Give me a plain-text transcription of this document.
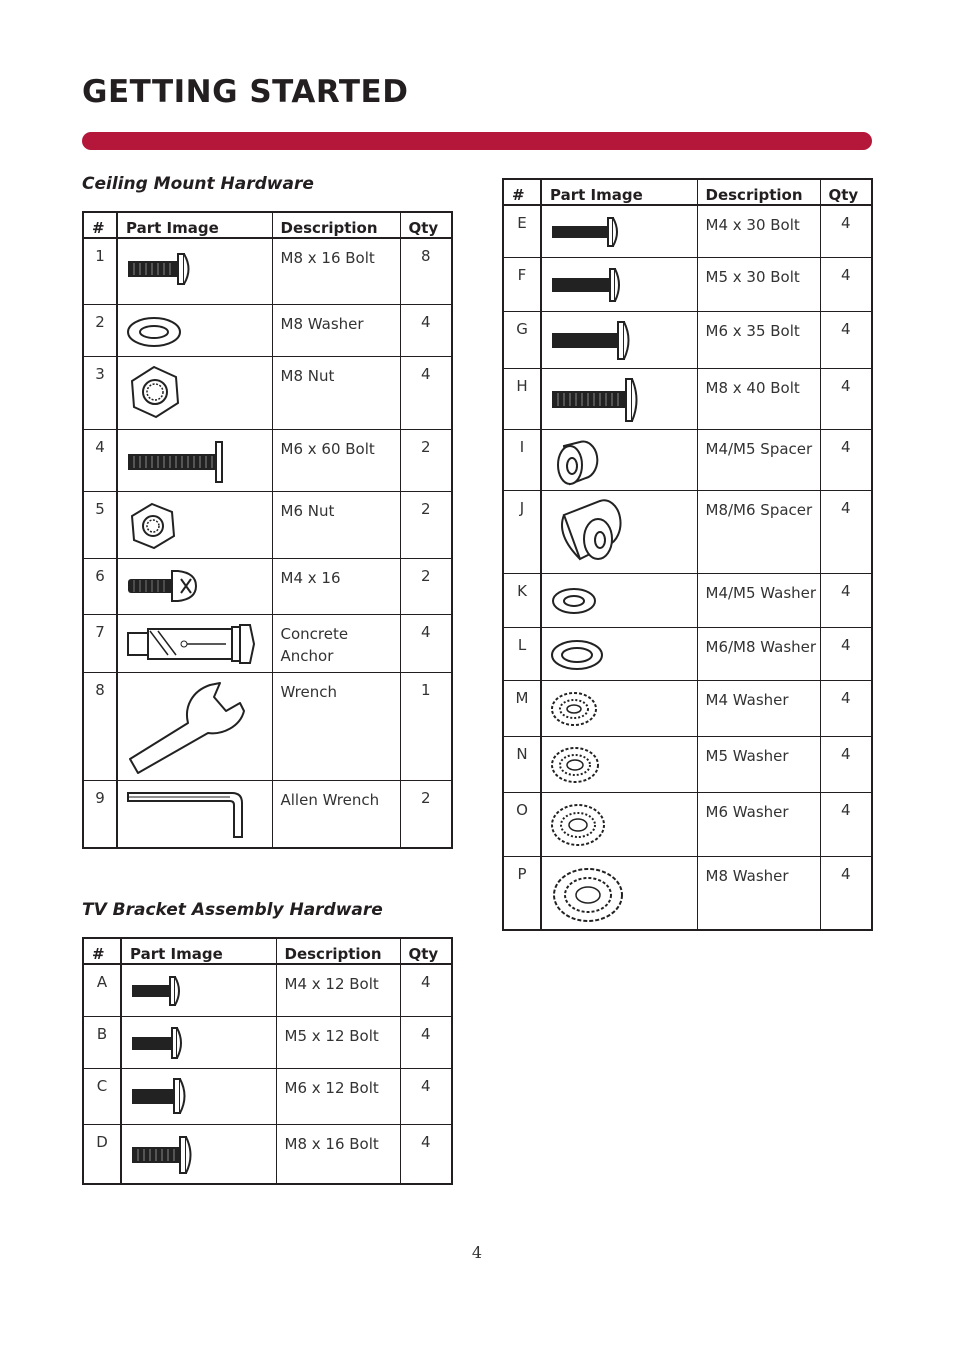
GETTING STARTED
Ceiling Mount Hardware
#	Part Image	Description	Qty
1		M8 x 16 Bolt	8
2		M8 Washer	4
3		M8 Nut	4
4		M6 x 60 Bolt	2
5		M6 Nut	2
6		M4 x 16	2
7		Concrete Anchor	4
8		Wrench	1
9		Allen Wrench	2
TV Bracket Assembly Hardware
#	Part Image	Description	Qty
A		M4 x 12 Bolt	4
B		M5 x 12 Bolt	4
C		M6 x 12 Bolt	4
D		M8 x 16 Bolt	4
#	Part Image	Description	Qty
E		M4 x 30 Bolt	4
F		M5 x 30 Bolt	4
G		M6 x 35 Bolt	4
H		M8 x 40 Bolt	4
I		M4/M5 Spacer	4
J		M8/M6 Spacer	4
K		M4/M5 Washer	4
L		M6/M8 Washer	4
M		M4 Washer	4
N		M5 Washer	4
O		M6 Washer	4
P		M8 Washer	4
4
